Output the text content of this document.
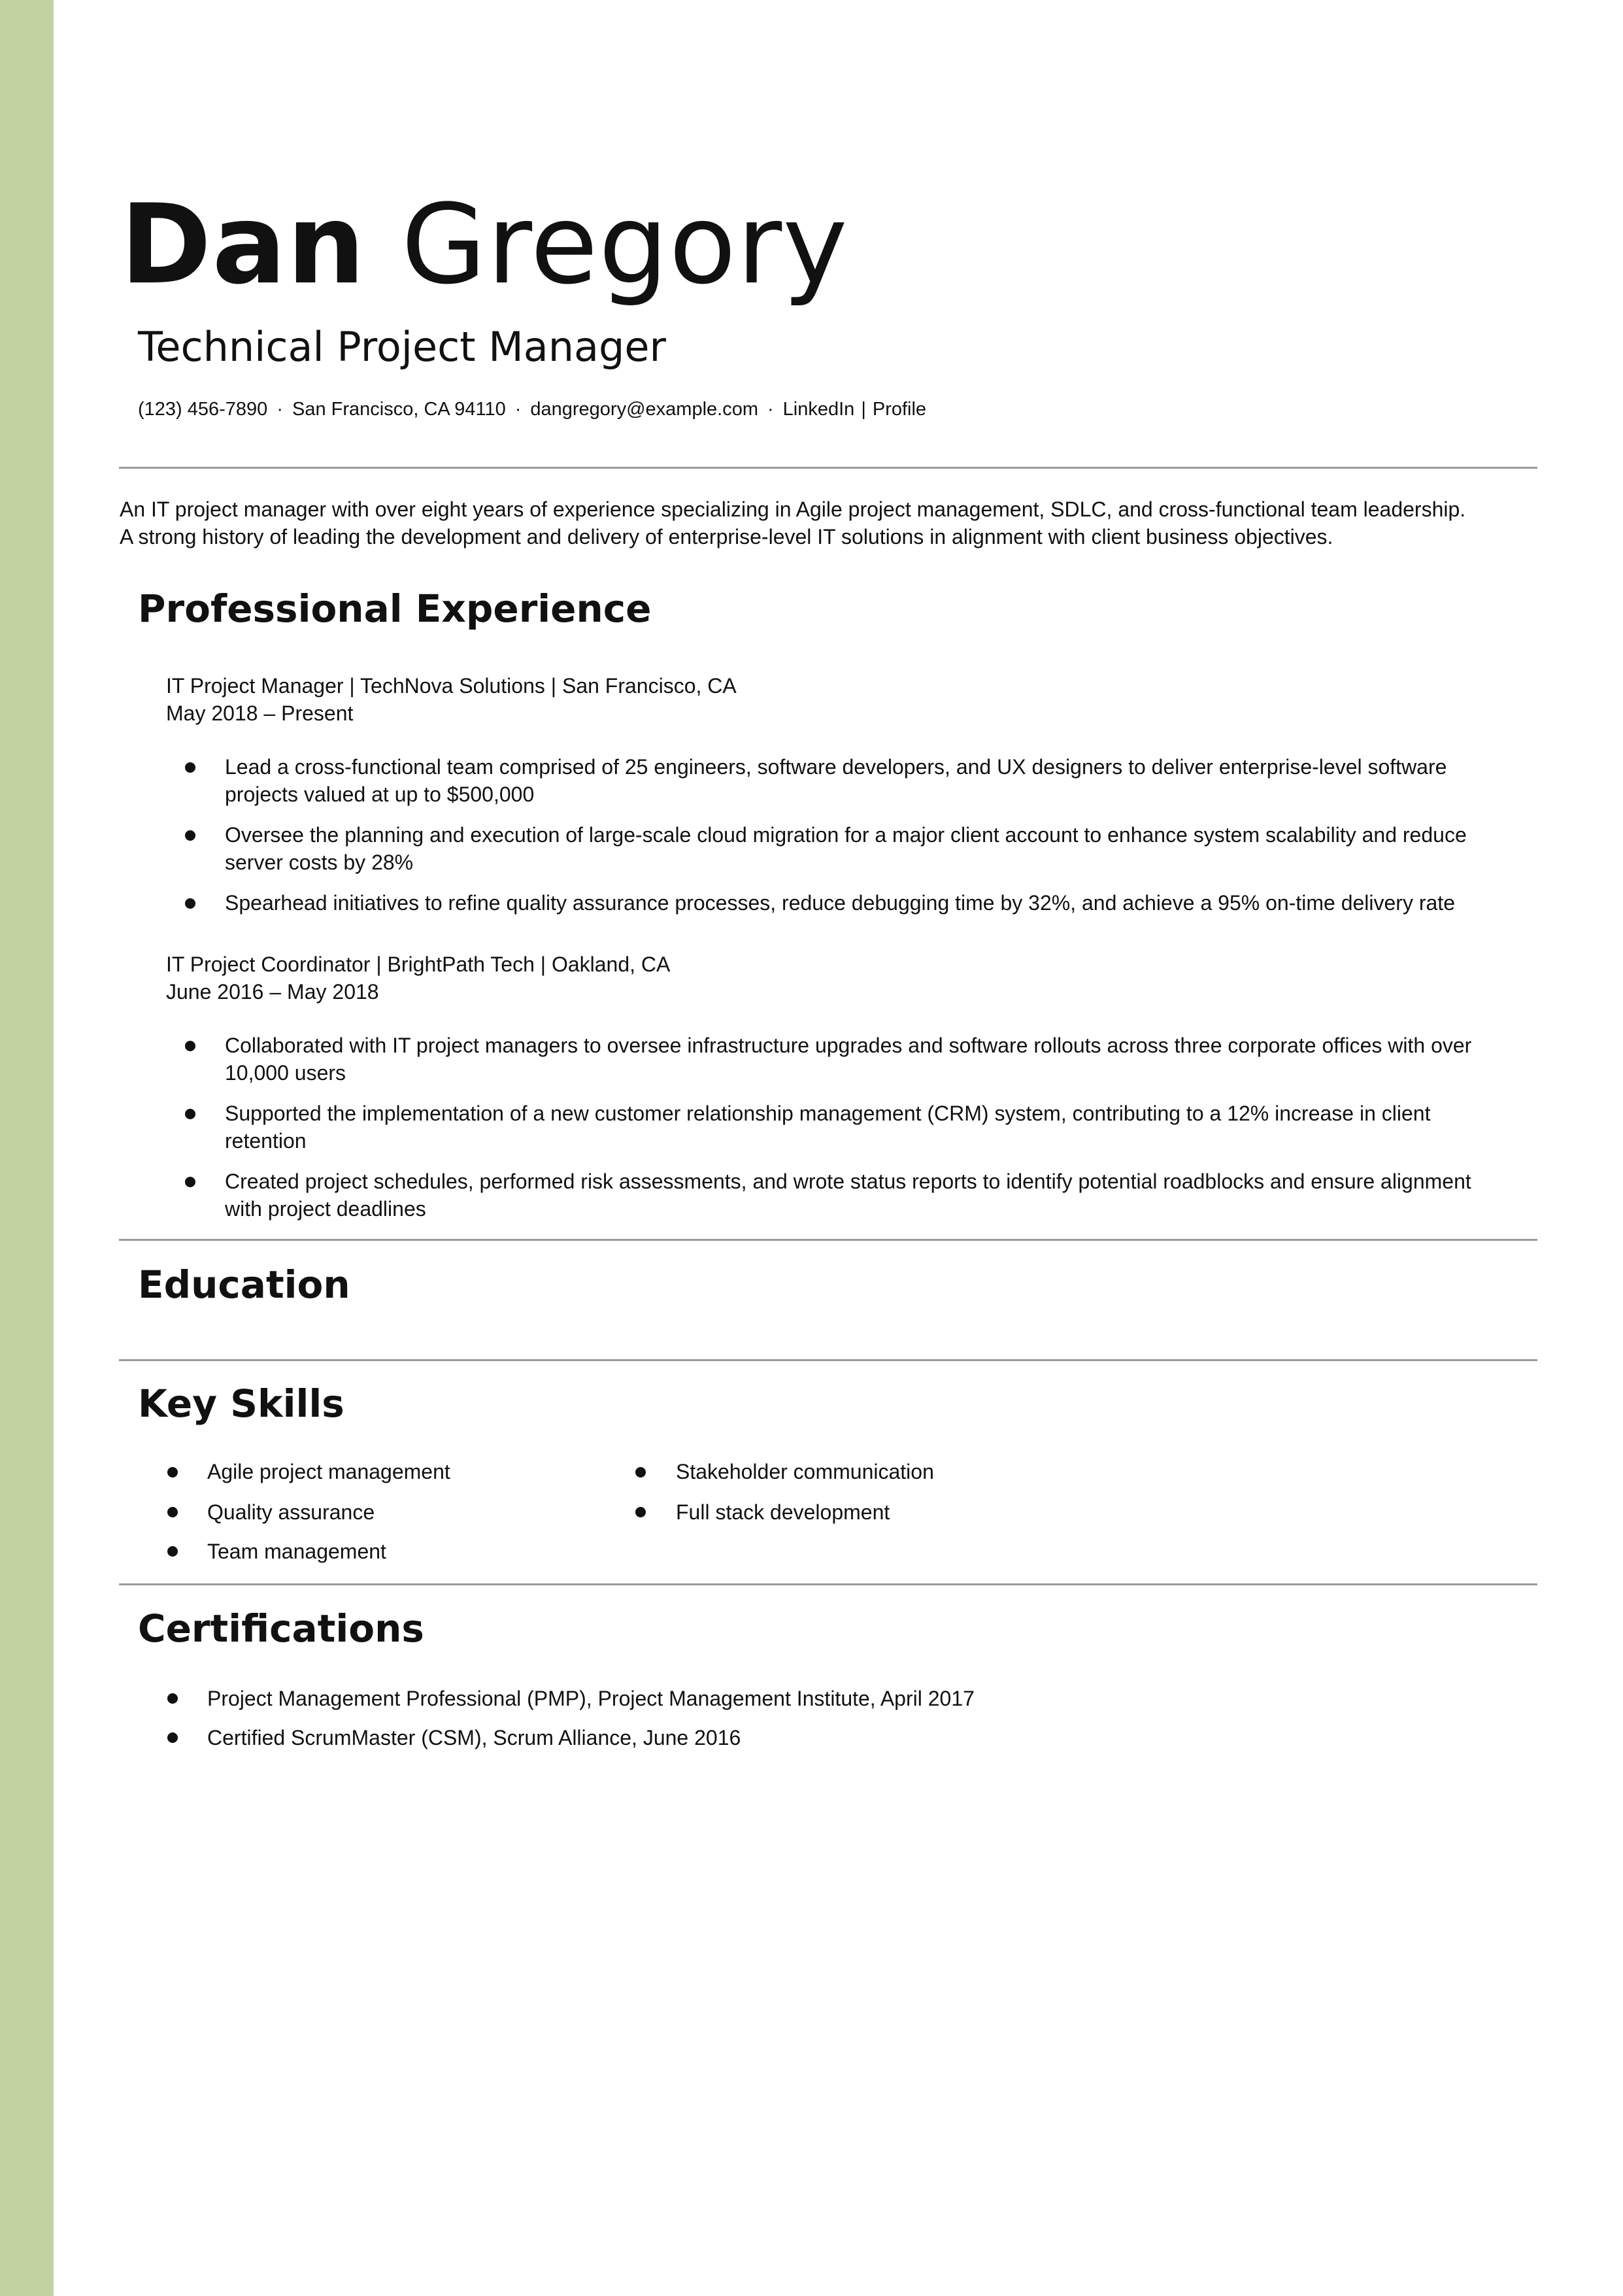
Dan Gregory
Technical Project Manager
(123) 456-7890 · San Francisco, CA 94110 · dangregory@example.com · LinkedIn | Profile
An IT project manager with over eight years of experience specializing in Agile project management, SDLC, and cross-functional team leadership.
A strong history of leading the development and delivery of enterprise-level IT solutions in alignment with client business objectives.
Professional Experience
IT Project Manager | TechNova Solutions | San Francisco, CA
May 2018 – Present
Lead a cross-functional team comprised of 25 engineers, software developers, and UX designers to deliver enterprise-level software
projects valued at up to $500,000
Oversee the planning and execution of large-scale cloud migration for a major client account to enhance system scalability and reduce
server costs by 28%
Spearhead initiatives to refine quality assurance processes, reduce debugging time by 32%, and achieve a 95% on-time delivery rate
IT Project Coordinator | BrightPath Tech | Oakland, CA
June 2016 – May 2018
Collaborated with IT project managers to oversee infrastructure upgrades and software rollouts across three corporate offices with over
10,000 users
Supported the implementation of a new customer relationship management (CRM) system, contributing to a 12% increase in client
retention
Created project schedules, performed risk assessments, and wrote status reports to identify potential roadblocks and ensure alignment
with project deadlines
Education
Key Skills
Agile project management
Quality assurance
Team management
Stakeholder communication
Full stack development
Certifications
Project Management Professional (PMP), Project Management Institute, April 2017
Certified ScrumMaster (CSM), Scrum Alliance, June 2016
